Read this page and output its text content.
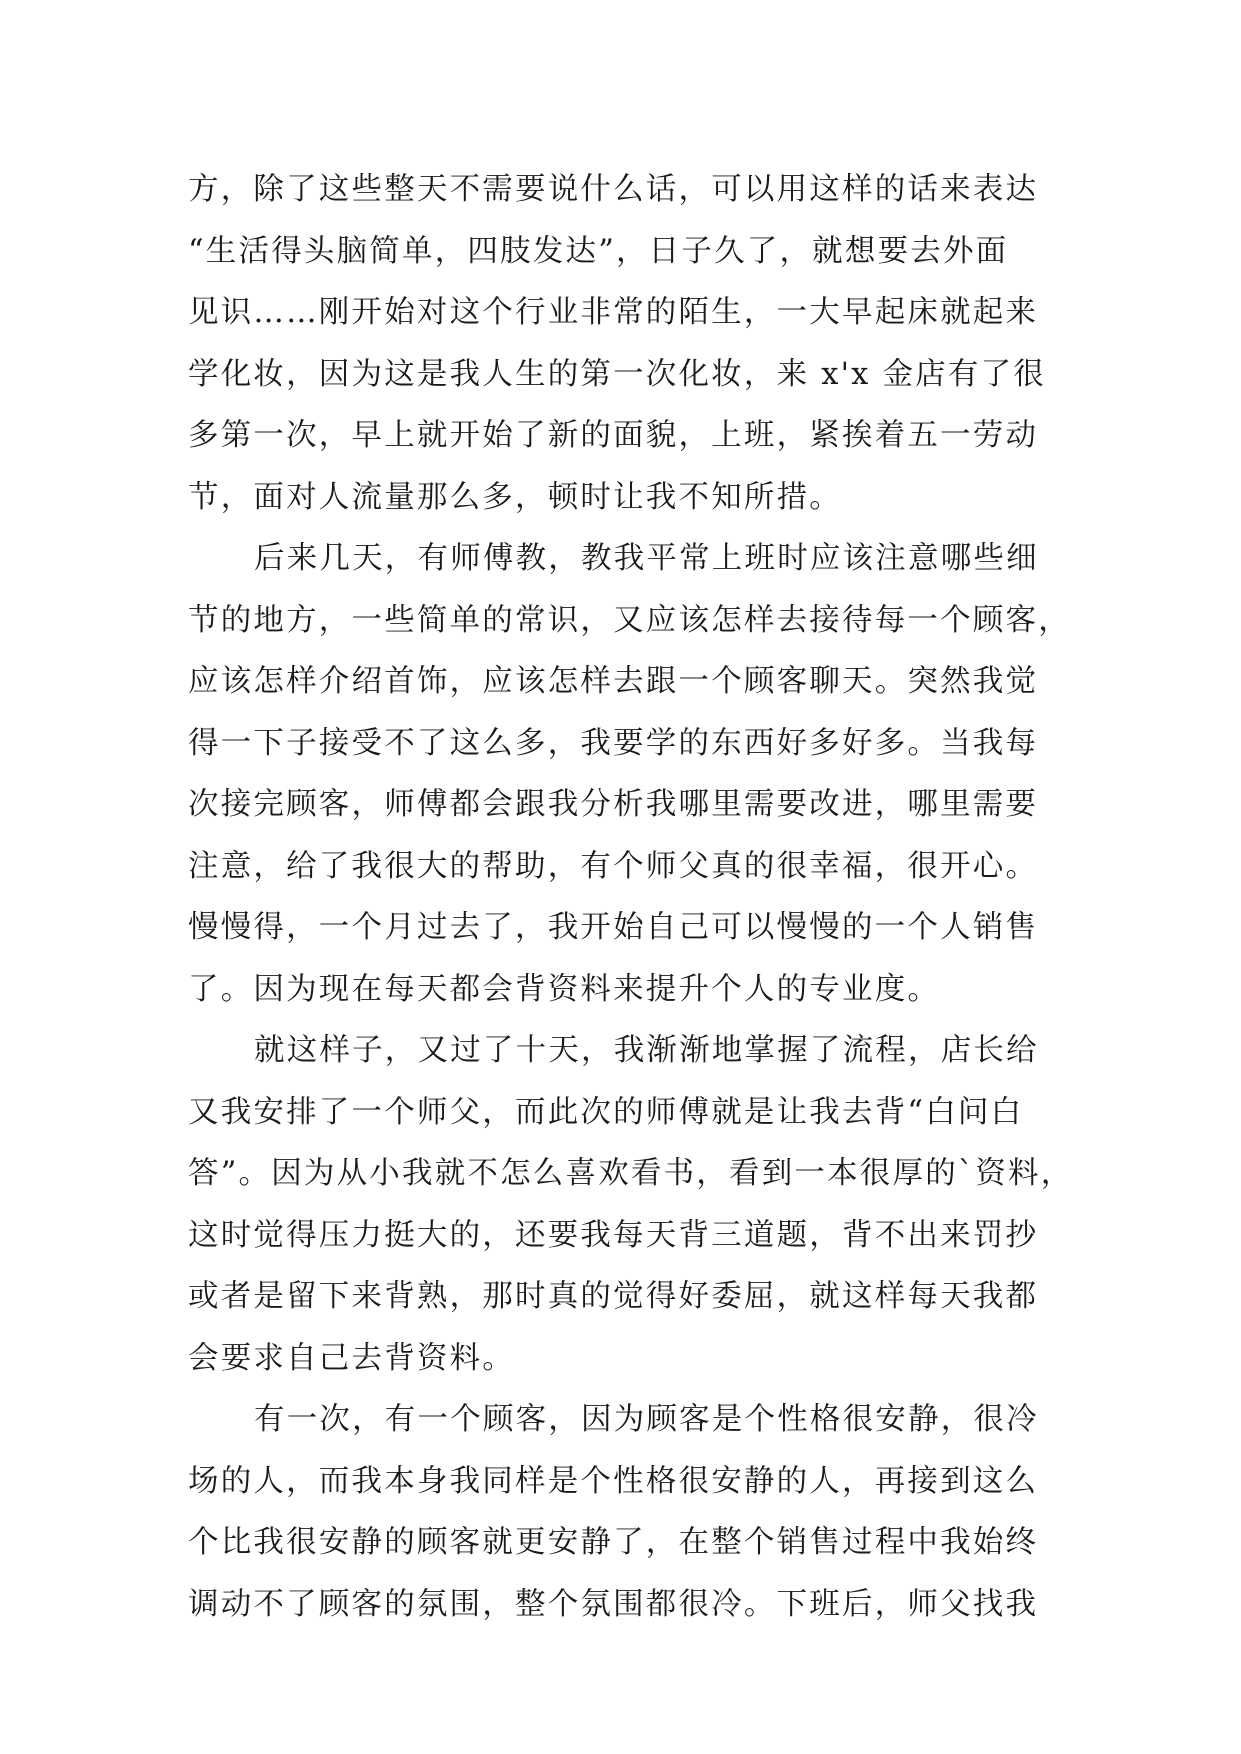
方，除了这些整天不需要说什么话，可以用这样的话来表达
“生活得头脑简单，四肢发达”，日子久了，就想要去外面
见识……刚开始对这个行业非常的陌生，一大早起床就起来
学化妆，因为这是我人生的第一次化妆，来 x'x 金店有了很
多第一次，早上就开始了新的面貌，上班，紧挨着五一劳动
节，面对人流量那么多，顿时让我不知所措。
后来几天，有师傅教，教我平常上班时应该注意哪些细
节的地方，一些简单的常识，又应该怎样去接待每一个顾客，
应该怎样介绍首饰，应该怎样去跟一个顾客聊天。突然我觉
得一下子接受不了这么多，我要学的东西好多好多。当我每
次接完顾客，师傅都会跟我分析我哪里需要改进，哪里需要
注意，给了我很大的帮助，有个师父真的很幸福，很开心。
慢慢得，一个月过去了，我开始自己可以慢慢的一个人销售
了。因为现在每天都会背资料来提升个人的专业度。
就这样子，又过了十天，我渐渐地掌握了流程，店长给
又我安排了一个师父，而此次的师傅就是让我去背“白问白
答”。因为从小我就不怎么喜欢看书，看到一本很厚的`资料，
这时觉得压力挺大的，还要我每天背三道题，背不出来罚抄
或者是留下来背熟，那时真的觉得好委屈，就这样每天我都
会要求自己去背资料。
有一次，有一个顾客，因为顾客是个性格很安静，很冷
场的人，而我本身我同样是个性格很安静的人，再接到这么
个比我很安静的顾客就更安静了，在整个销售过程中我始终
调动不了顾客的氛围，整个氛围都很冷。下班后，师父找我
